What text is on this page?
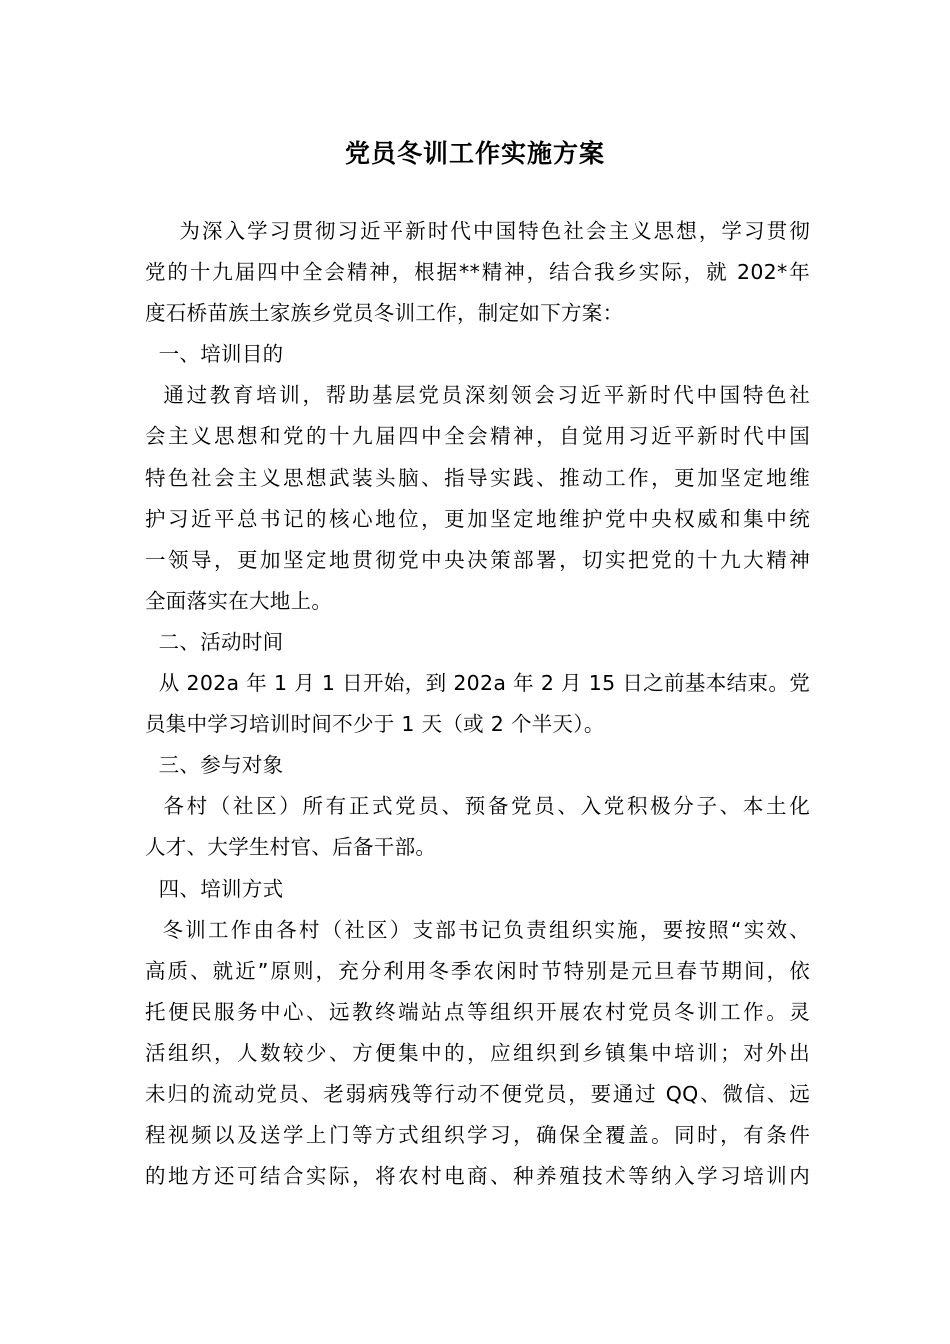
党员冬训工作实施方案
为深入学习贯彻习近平新时代中国特色社会主义思想，学习贯彻
党的十九届四中全会精神，根据**精神，结合我乡实际，就 202*年
度石桥苗族土家族乡党员冬训工作，制定如下方案：
一、培训目的
通过教育培训，帮助基层党员深刻领会习近平新时代中国特色社
会主义思想和党的十九届四中全会精神，自觉用习近平新时代中国
特色社会主义思想武装头脑、指导实践、推动工作，更加坚定地维
护习近平总书记的核心地位，更加坚定地维护党中央权威和集中统
一领导，更加坚定地贯彻党中央决策部署，切实把党的十九大精神
全面落实在大地上。
二、活动时间
从 202a 年 1 月 1 日开始，到 202a 年 2 月 15 日之前基本结束。党
员集中学习培训时间不少于 1 天（或 2 个半天）。
三、参与对象
各村（社区）所有正式党员、预备党员、入党积极分子、本土化
人才、大学生村官、后备干部。
四、培训方式
冬训工作由各村（社区）支部书记负责组织实施，要按照“实效、
高质、就近”原则，充分利用冬季农闲时节特别是元旦春节期间，依
托便民服务中心、远教终端站点等组织开展农村党员冬训工作。灵
活组织，人数较少、方便集中的，应组织到乡镇集中培训；对外出
未归的流动党员、老弱病残等行动不便党员，要通过 QQ、微信、远
程视频以及送学上门等方式组织学习，确保全覆盖。同时，有条件
的地方还可结合实际，将农村电商、种养殖技术等纳入学习培训内
